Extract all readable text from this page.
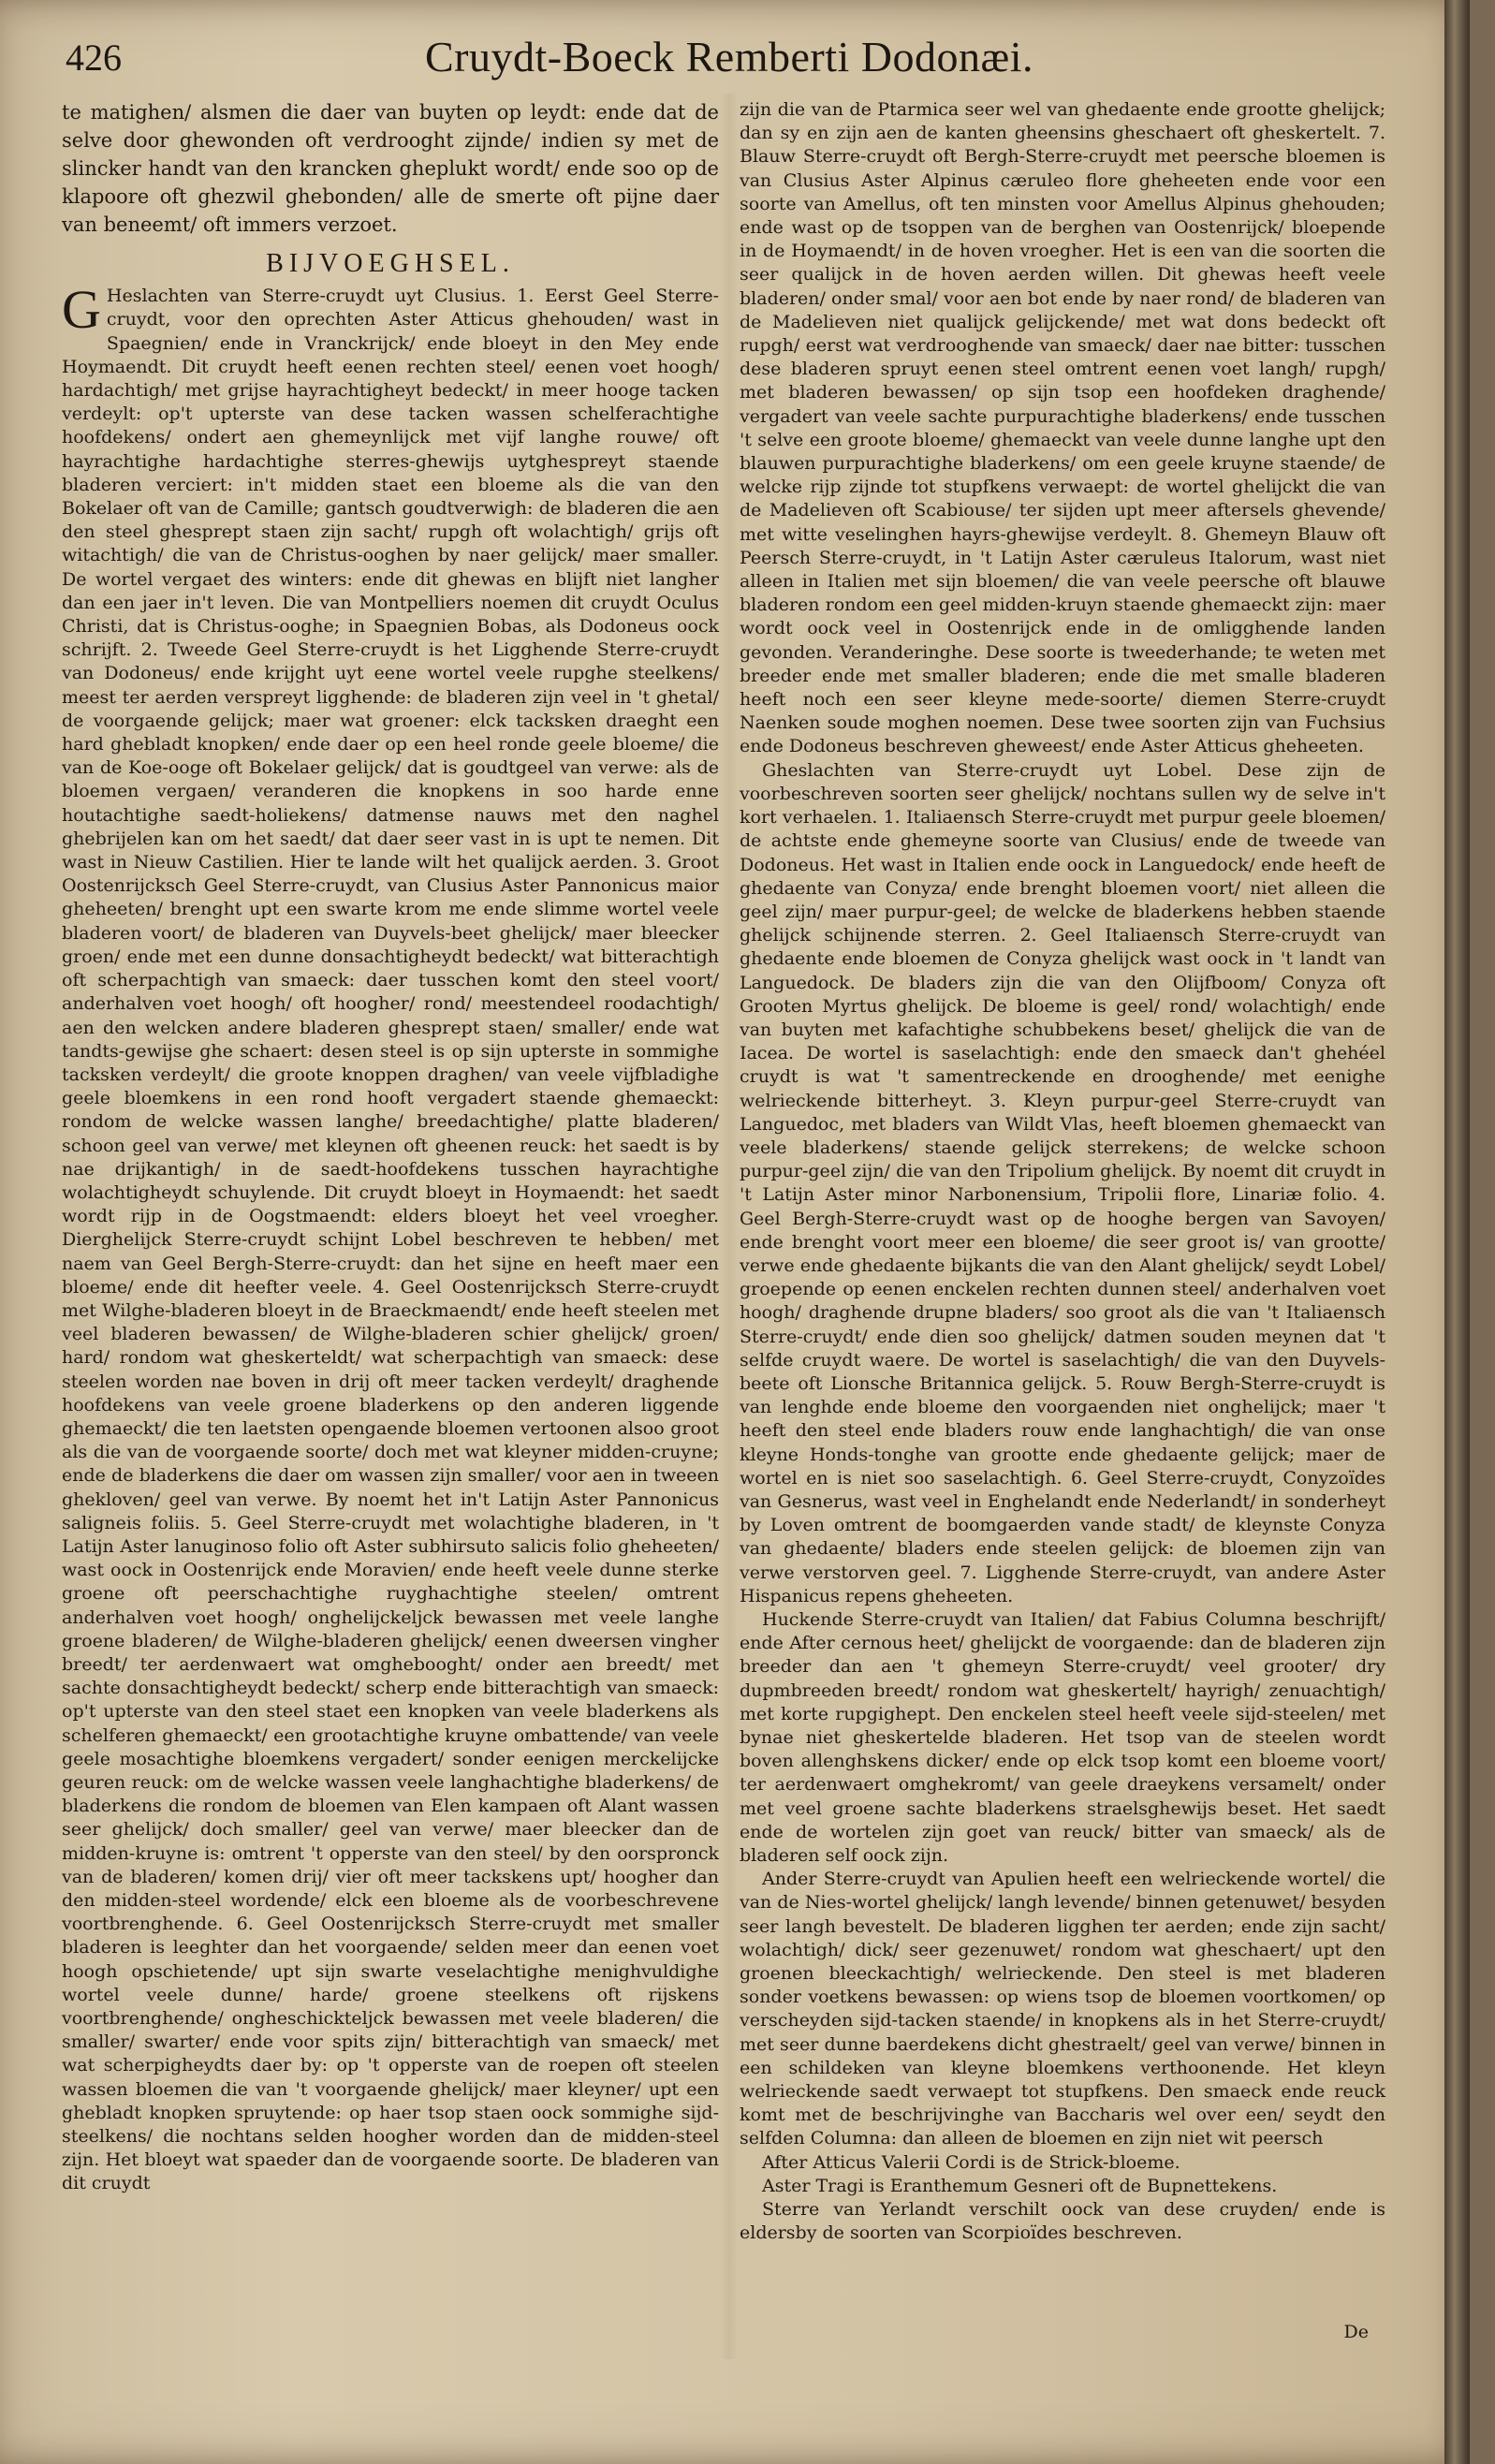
426	Cruydt-Boeck Remberti Dodonæi.

te matighen/ alsmen die daer van buyten op leydt: ende dat de selve door ghewonden oft verdrooght zijnde/ indien sy met de slincker handt van den krancken gheplukt wordt/ ende soo op de klapoore oft ghezwil ghebonden/ alle de smerte oft pijne daer van beneemt/ oft immers verzoet.

BIJVOEGHSEL.

G Heslachten van Sterre-cruydt uyt Clusius. 1. Eerst Geel Sterre-cruydt, voor den oprechten Aster Atticus ghehouden/ wast in Spaegnien/ ende in Vranckrijck/ ende bloeyt in den Mey ende Hoymaendt. Dit cruydt heeft eenen rechten steel/ eenen voet hoogh/ hardachtigh/ met grijse hayrachtigheyt bedeckt/ in meer hooge tacken verdeylt: op't upterste van dese tacken wassen schelferachtighe hoofdekens/ ondert aen ghemeynlijck met vijf langhe rouwe/ oft hayrachtighe hardachtighe sterres-ghewijs uytghespreyt staende bladeren verciert: in't midden staet een bloeme als die van den Bokelaer oft van de Camille; gantsch goudtverwigh: de bladeren die aen den steel ghesprept staen zijn sacht/ rupgh oft wolachtigh/ grijs oft witachtigh/ die van de Christus-ooghen by naer gelijck/ maer smaller. De wortel vergaet des winters: ende dit ghewas en blijft niet langher dan een jaer in't leven. Die van Montpelliers noemen dit cruydt Oculus Christi, dat is Christus-ooghe; in Spaegnien Bobas, als Dodoneus oock schrijft. 2. Tweede Geel Sterre-cruydt is het Ligghende Sterre-cruydt van Dodoneus/ ende krijght uyt eene wortel veele rupghe steelkens/ meest ter aerden verspreyt ligghende: de bladeren zijn veel in 't ghetal/ de voorgaende gelijck; maer wat groener: elck tacksken draeght een hard ghebladt knopken/ ende daer op een heel ronde geele bloeme/ die van de Koe-ooge oft Bokelaer gelijck/ dat is goudtgeel van verwe: als de bloemen vergaen/ veranderen die knopkens in soo harde enne houtachtighe saedt-holiekens/ datmense nauws met den naghel ghebrijelen kan om het saedt/ dat daer seer vast in is upt te nemen. Dit wast in Nieuw Castilien. Hier te lande wilt het qualijck aerden. 3. Groot Oostenrijcksch Geel Sterre-cruydt, van Clusius Aster Pannonicus maior gheheeten/ brenght upt een swarte krom me ende slimme wortel veele bladeren voort/ de bladeren van Duyvels-beet ghelijck/ maer bleecker groen/ ende met een dunne donsachtigheydt bedeckt/ wat bitterachtigh oft scherpachtigh van smaeck: daer tusschen komt den steel voort/ anderhalven voet hoogh/ oft hoogher/ rond/ meestendeel roodachtigh/ aen den welcken andere bladeren ghesprept staen/ smaller/ ende wat tandts-gewijse ghe schaert: desen steel is op sijn upterste in sommighe tacksken verdeylt/ die groote knoppen draghen/ van veele vijfbladighe geele bloemkens in een rond hooft vergadert staende ghemaeckt: rondom de welcke wassen langhe/ breedachtighe/ platte bladeren/ schoon geel van verwe/ met kleynen oft gheenen reuck: het saedt is by nae drijkantigh/ in de saedt-hoofdekens tusschen hayrachtighe wolachtigheydt schuylende. Dit cruydt bloeyt in Hoymaendt: het saedt wordt rijp in de Oogstmaendt: elders bloeyt het veel vroegher. Dierghelijck Sterre-cruydt schijnt Lobel beschreven te hebben/ met naem van Geel Bergh-Sterre-cruydt: dan het sijne en heeft maer een bloeme/ ende dit heefter veele. 4. Geel Oostenrijcksch Sterre-cruydt met Wilghe-bladeren bloeyt in de Braeckmaendt/ ende heeft steelen met veel bladeren bewassen/ de Wilghe-bladeren schier ghelijck/ groen/ hard/ rondom wat gheskerteldt/ wat scherpachtigh van smaeck: dese steelen worden nae boven in drij oft meer tacken verdeylt/ draghende hoofdekens van veele groene bladerkens op den anderen liggende ghemaeckt/ die ten laetsten opengaende bloemen vertoonen alsoo groot als die van de voorgaende soorte/ doch met wat kleyner midden-cruyne; ende de bladerkens die daer om wassen zijn smaller/ voor aen in tweeen ghekloven/ geel van verwe. By noemt het in't Latijn Aster Pannonicus saligneis foliis. 5. Geel Sterre-cruydt met wolachtighe bladeren, in 't Latijn Aster lanuginoso folio oft Aster subhirsuto salicis folio gheheeten/ wast oock in Oostenrijck ende Moravien/ ende heeft veele dunne sterke groene oft peerschachtighe ruyghachtighe steelen/ omtrent anderhalven voet hoogh/ onghelijckeljck bewassen met veele langhe groene bladeren/ de Wilghe-bladeren ghelijck/ eenen dweersen vingher breedt/ ter aerdenwaert wat omghebooght/ onder aen breedt/ met sachte donsachtigheydt bedeckt/ scherp ende bitterachtigh van smaeck: op't upterste van den steel staet een knopken van veele bladerkens als schelferen ghemaeckt/ een grootachtighe kruyne ombattende/ van veele geele mosachtighe bloemkens vergadert/ sonder eenigen merckelijcke geuren reuck: om de welcke wassen veele langhachtighe bladerkens/ de bladerkens die rondom de bloemen van Elen kampaen oft Alant wassen seer ghelijck/ doch smaller/ geel van verwe/ maer bleecker dan de midden-kruyne is: omtrent 't opperste van den steel/ by den oorspronck van de bladeren/ komen drij/ vier oft meer tackskens upt/ hoogher dan den midden-steel wordende/ elck een bloeme als de voorbeschrevene voortbrenghende. 6. Geel Oostenrijcksch Sterre-cruydt met smaller bladeren is leeghter dan het voorgaende/ selden meer dan eenen voet hoogh opschietende/ upt sijn swarte veselachtighe menighvuldighe wortel veele dunne/ harde/ groene steelkens oft rijskens voortbrenghende/ ongheschickteljck bewassen met veele bladeren/ die smaller/ swarter/ ende voor spits zijn/ bitterachtigh van smaeck/ met wat scherpigheydts daer by: op 't opperste van de roepen oft steelen wassen bloemen die van 't voorgaende ghelijck/ maer kleyner/ upt een ghebladt knopken spruytende: op haer tsop staen oock sommighe sijd-steelkens/ die nochtans selden hoogher worden dan de midden-steel zijn. Het bloeyt wat spaeder dan de voorgaende soorte. De bladeren van dit cruydt

zijn die van de Ptarmica seer wel van ghedaente ende grootte ghelijck; dan sy en zijn aen de kanten gheensins gheschaert oft gheskertelt. 7. Blauw Sterre-cruydt oft Bergh-Sterre-cruydt met peersche bloemen is van Clusius Aster Alpinus cæruleo flore gheheeten ende voor een soorte van Amellus, oft ten minsten voor Amellus Alpinus ghehouden; ende wast op de tsoppen van de berghen van Oostenrijck/ bloepende in de Hoymaendt/ in de hoven vroegher. Het is een van die soorten die seer qualijck in de hoven aerden willen. Dit ghewas heeft veele bladeren/ onder smal/ voor aen bot ende by naer rond/ de bladeren van de Madelieven niet qualijck gelijckende/ met wat dons bedeckt oft rupgh/ eerst wat verdrooghende van smaeck/ daer nae bitter: tusschen dese bladeren spruyt eenen steel omtrent eenen voet langh/ rupgh/ met bladeren bewassen/ op sijn tsop een hoofdeken draghende/ vergadert van veele sachte purpurachtighe bladerkens/ ende tusschen 't selve een groote bloeme/ ghemaeckt van veele dunne langhe upt den blauwen purpurachtighe bladerkens/ om een geele kruyne staende/ de welcke rijp zijnde tot stupfkens verwaept: de wortel ghelijckt die van de Madelieven oft Scabiouse/ ter sijden upt meer aftersels ghevende/ met witte veselinghen hayrs-ghewijse verdeylt. 8. Ghemeyn Blauw oft Peersch Sterre-cruydt, in 't Latijn Aster cæruleus Italorum, wast niet alleen in Italien met sijn bloemen/ die van veele peersche oft blauwe bladeren rondom een geel midden-kruyn staende ghemaeckt zijn: maer wordt oock veel in Oostenrijck ende in de omligghende landen gevonden. Veranderinghe. Dese soorte is tweederhande; te weten met breeder ende met smaller bladeren; ende die met smalle bladeren heeft noch een seer kleyne mede-soorte/ diemen Sterre-cruydt Naenken soude moghen noemen. Dese twee soorten zijn van Fuchsius ende Dodoneus beschreven gheweest/ ende Aster Atticus gheheeten.

Gheslachten van Sterre-cruydt uyt Lobel. Dese zijn de voorbeschreven soorten seer ghelijck/ nochtans sullen wy de selve in't kort verhaelen. 1. Italiaensch Sterre-cruydt met purpur geele bloemen/ de achtste ende ghemeyne soorte van Clusius/ ende de tweede van Dodoneus. Het wast in Italien ende oock in Languedock/ ende heeft de ghedaente van Conyza/ ende brenght bloemen voort/ niet alleen die geel zijn/ maer purpur-geel; de welcke de bladerkens hebben staende ghelijck schijnende sterren. 2. Geel Italiaensch Sterre-cruydt van ghedaente ende bloemen de Conyza ghelijck wast oock in 't landt van Languedock. De bladers zijn die van den Olijfboom/ Conyza oft Grooten Myrtus ghelijck. De bloeme is geel/ rond/ wolachtigh/ ende van buyten met kafachtighe schubbekens beset/ ghelijck die van de Iacea. De wortel is saselachtigh: ende den smaeck dan't ghehéel cruydt is wat 't samentreckende en drooghende/ met eenighe welrieckende bitterheyt. 3. Kleyn purpur-geel Sterre-cruydt van Languedoc, met bladers van Wildt Vlas, heeft bloemen ghemaeckt van veele bladerkens/ staende gelijck sterrekens; de welcke schoon purpur-geel zijn/ die van den Tripolium ghelijck. By noemt dit cruydt in 't Latijn Aster minor Narbonensium, Tripolii flore, Linariæ folio. 4. Geel Bergh-Sterre-cruydt wast op de hooghe bergen van Savoyen/ ende brenght voort meer een bloeme/ die seer groot is/ van grootte/ verwe ende ghedaente bijkants die van den Alant ghelijck/ seydt Lobel/ groepende op eenen enckelen rechten dunnen steel/ anderhalven voet hoogh/ draghende drupne bladers/ soo groot als die van 't Italiaensch Sterre-cruydt/ ende dien soo ghelijck/ datmen souden meynen dat 't selfde cruydt waere. De wortel is saselachtigh/ die van den Duyvels-beete oft Lionsche Britannica gelijck. 5. Rouw Bergh-Sterre-cruydt is van lenghde ende bloeme den voorgaenden niet onghelijck; maer 't heeft den steel ende bladers rouw ende langhachtigh/ die van onse kleyne Honds-tonghe van grootte ende ghedaente gelijck; maer de wortel en is niet soo saselachtigh. 6. Geel Sterre-cruydt, Conyzoïdes van Gesnerus, wast veel in Enghelandt ende Nederlandt/ in sonderheyt by Loven omtrent de boomgaerden vande stadt/ de kleynste Conyza van ghedaente/ bladers ende steelen gelijck: de bloemen zijn van verwe verstorven geel. 7. Ligghende Sterre-cruydt, van andere Aster Hispanicus repens gheheeten.

Huckende Sterre-cruydt van Italien/ dat Fabius Columna beschrijft/ ende After cernous heet/ ghelijckt de voorgaende: dan de bladeren zijn breeder dan aen 't ghemeyn Sterre-cruydt/ veel grooter/ dry dupmbreeden breedt/ rondom wat gheskertelt/ hayrigh/ zenuachtigh/ met korte rupgighept. Den enckelen steel heeft veele sijd-steelen/ met bynae niet gheskertelde bladeren. Het tsop van de steelen wordt boven allenghskens dicker/ ende op elck tsop komt een bloeme voort/ ter aerdenwaert omghekromt/ van geele draeykens versamelt/ onder met veel groene sachte bladerkens straelsghewijs beset. Het saedt ende de wortelen zijn goet van reuck/ bitter van smaeck/ als de bladeren self oock zijn.

Ander Sterre-cruydt van Apulien heeft een welrieckende wortel/ die van de Nies-wortel ghelijck/ langh levende/ binnen getenuwet/ besyden seer langh bevestelt. De bladeren ligghen ter aerden; ende zijn sacht/ wolachtigh/ dick/ seer gezenuwet/ rondom wat gheschaert/ upt den groenen bleeckachtigh/ welrieckende. Den steel is met bladeren sonder voetkens bewassen: op wiens tsop de bloemen voortkomen/ op verscheyden sijd-tacken staende/ in knopkens als in het Sterre-cruydt/ met seer dunne baerdekens dicht ghestraelt/ geel van verwe/ binnen in een schildeken van kleyne bloemkens verthoonende. Het kleyn welrieckende saedt verwaept tot stupfkens. Den smaeck ende reuck komt met de beschrijvinghe van Baccharis wel over een/ seydt den selfden Columna: dan alleen de bloemen en zijn niet wit peersch

After Atticus Valerii Cordi is de Strick-bloeme.

Aster Tragi is Eranthemum Gesneri oft de Bupnettekens.

Sterre van Yerlandt verschilt oock van dese cruyden/ ende is eldersby de soorten van Scorpioïdes beschreven.

De
